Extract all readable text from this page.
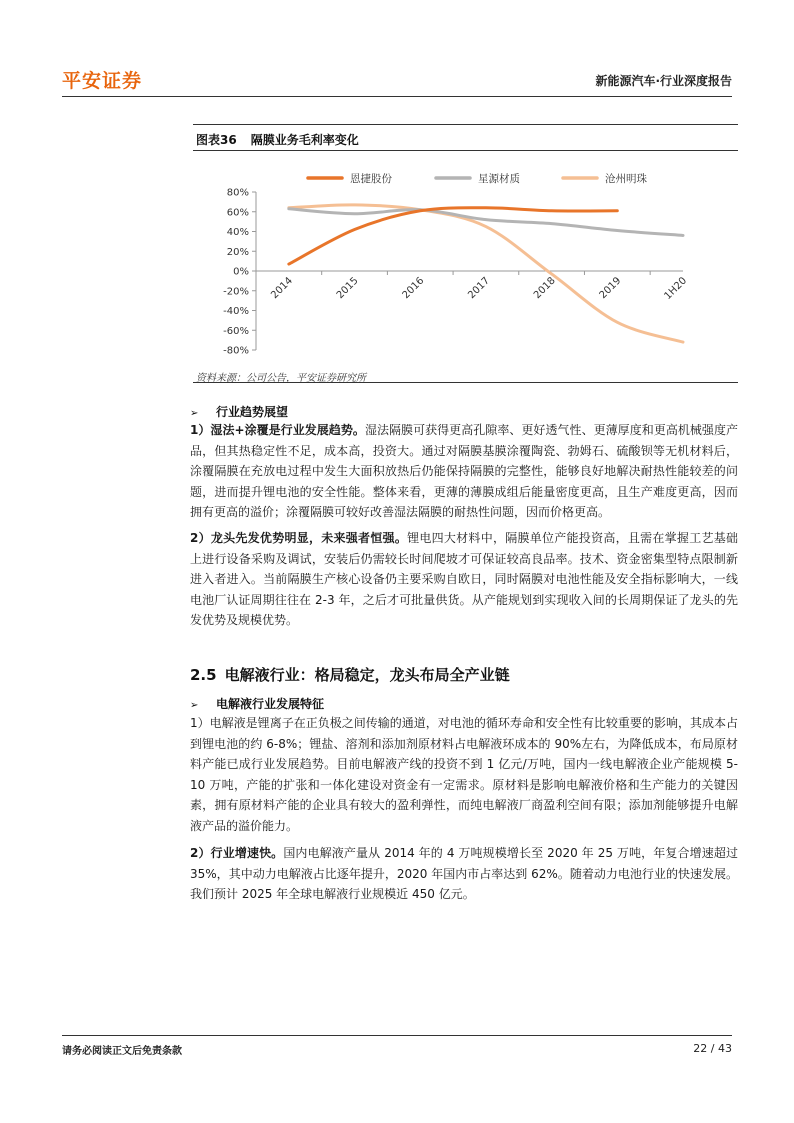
平安证券	新能源汽车·行业深度报告
图表36 隔膜业务毛利率变化
80%
60%
40%
20%
0%
-20%
-40%
-60%
-80%
2014	2015	2016	2017	2018	2019	1H20
恩捷股份	星源材质	沧州明珠
资料来源：公司公告，平安证券研究所
➢ 行业趋势展望
1）湿法+涂覆是行业发展趋势。湿法隔膜可获得更高孔隙率、更好透气性、更薄厚度和更高机械强度产品，但其热稳定性不足，成本高，投资大。通过对隔膜基膜涂覆陶瓷、勃姆石、硫酸钡等无机材料后，涂覆隔膜在充放电过程中发生大面积放热后仍能保持隔膜的完整性，能够良好地解决耐热性能较差的问题，进而提升锂电池的安全性能。整体来看，更薄的薄膜成组后能量密度更高，且生产难度更高，因而拥有更高的溢价；涂覆隔膜可较好改善湿法隔膜的耐热性问题，因而价格更高。
2）龙头先发优势明显，未来强者恒强。锂电四大材料中，隔膜单位产能投资高，且需在掌握工艺基础上进行设备采购及调试，安装后仍需较长时间爬坡才可保证较高良品率。技术、资金密集型特点限制新进入者进入。当前隔膜生产核心设备仍主要采购自欧日，同时隔膜对电池性能及安全指标影响大，一线电池厂认证周期往往在 2-3 年，之后才可批量供货。从产能规划到实现收入间的长周期保证了龙头的先发优势及规模优势。
2.5 电解液行业：格局稳定，龙头布局全产业链
➢ 电解液行业发展特征
1）电解液是锂离子在正负极之间传输的通道，对电池的循环寿命和安全性有比较重要的影响，其成本占到锂电池的约 6-8%；锂盐、溶剂和添加剂原材料占电解液环成本的 90%左右，为降低成本，布局原材料产能已成行业发展趋势。目前电解液产线的投资不到 1 亿元/万吨，国内一线电解液企业产能规模 5-10 万吨，产能的扩张和一体化建设对资金有一定需求。原材料是影响电解液价格和生产能力的关键因素，拥有原材料产能的企业具有较大的盈利弹性，而纯电解液厂商盈利空间有限；添加剂能够提升电解液产品的溢价能力。
2）行业增速快。国内电解液产量从 2014 年的 4 万吨规模增长至 2020 年 25 万吨，年复合增速超过 35%，其中动力电解液占比逐年提升，2020 年国内市占率达到 62%。随着动力电池行业的快速发展。我们预计 2025 年全球电解液行业规模近 450 亿元。
请务必阅读正文后免责条款	22 / 43
